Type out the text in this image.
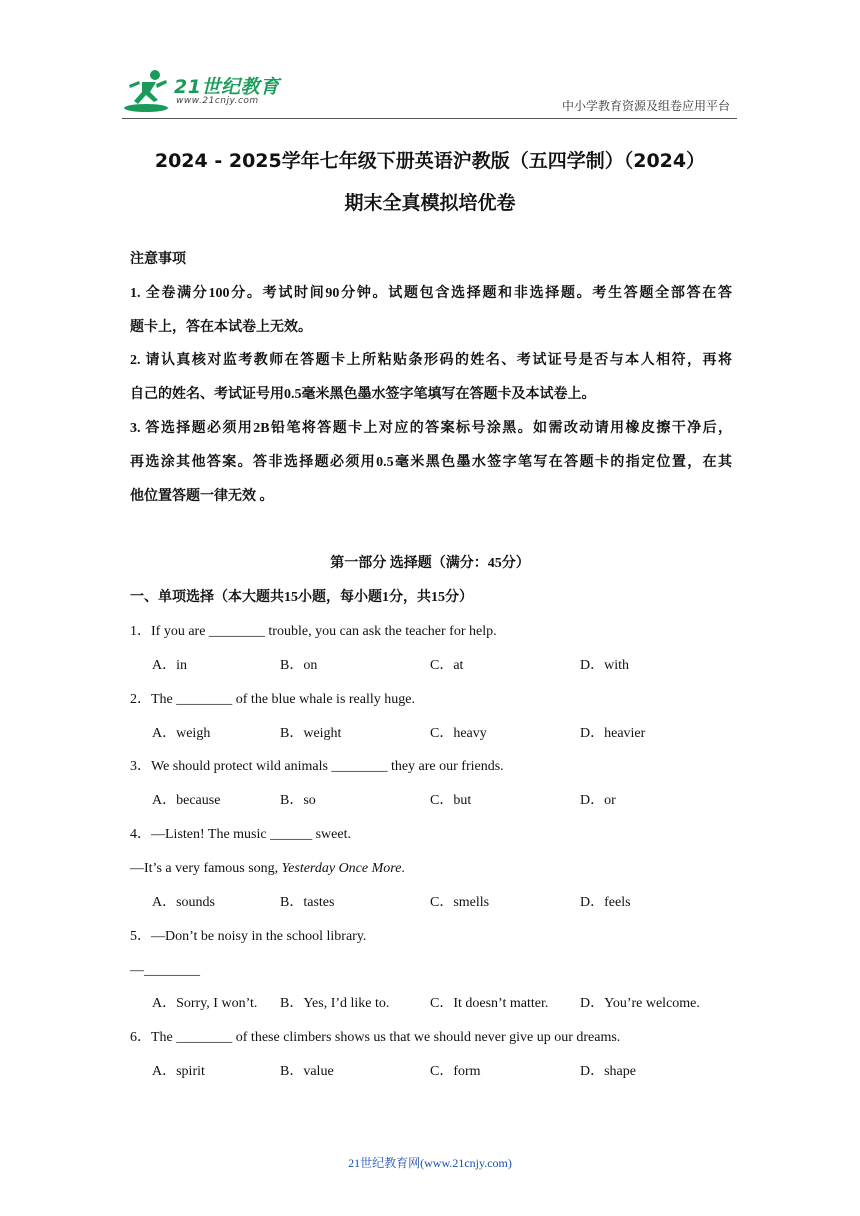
21世纪教育
www.21cnjy.com	中小学教育资源及组卷应用平台
2024 - 2025学年七年级下册英语沪教版（五四学制）（2024）
期末全真模拟培优卷
注意事项
1. 全卷满分100分。考试时间90分钟。试题包含选择题和非选择题。考生答题全部答在答
题卡上，答在本试卷上无效。
2. 请认真核对监考教师在答题卡上所粘贴条形码的姓名、考试证号是否与本人相符，再将
自己的姓名、考试证号用0.5毫米黑色墨水签字笔填写在答题卡及本试卷上。
3. 答选择题必须用2B铅笔将答题卡上对应的答案标号涂黑。如需改动请用橡皮擦干净后，
再选涂其他答案。答非选择题必须用0.5毫米黑色墨水签字笔写在答题卡的指定位置，在其
他位置答题一律无效 。
第一部分 选择题（满分：45分）
一、单项选择（本大题共15小题，每小题1分，共15分）
1．If you are ________ trouble, you can ask the teacher for help.
A．in	B．on	C．at	D．with
2．The ________ of the blue whale is really huge.
A．weigh	B．weight	C．heavy	D．heavier
3．We should protect wild animals ________ they are our friends.
A．because	B．so	C．but	D．or
4．—Listen! The music ______ sweet.
—It’s a very famous song, Yesterday Once More.
A．sounds	B．tastes	C．smells	D．feels
5．—Don’t be noisy in the school library.
—________
A．Sorry, I won’t. B．Yes, I’d like to.	C．It doesn’t matter. D．You’re welcome.
6．The ________ of these climbers shows us that we should never give up our dreams.
A．spirit	B．value	C．form	D．shape
21世纪教育网(www.21cnjy.com)
